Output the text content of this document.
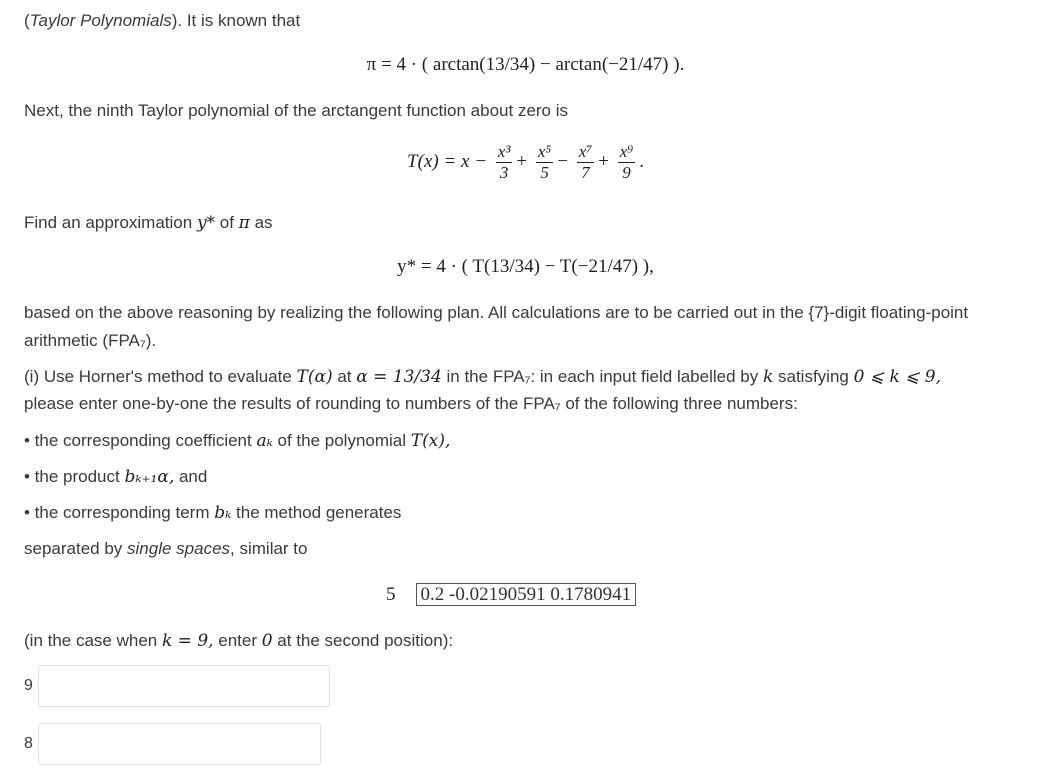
(Taylor Polynomials). It is known that
π = 4 · ( arctan(13/34) − arctan(−21/47) ).
Next, the ninth Taylor polynomial of the arctangent function about zero is
$T(x) = x - \frac{\text{x³}}{3} + \frac{\text{x⁵}}{5} - \frac{\text{x⁷}}{7} + \frac{\text{x⁹}}{9}$ .
Find an approximation y* of π as
y* = 4 · ( T(13/34) − T(−21/47) ),
based on the above reasoning by realizing the following plan. All calculations are to be carried out in the {7}-digit floating-point
arithmetic (FPA₇).
(i) Use Horner's method to evaluate T(α) at α = 13/34 in the FPA₇: in each input field labelled by k satisfying 0 ⩽ k ⩽ 9,
please enter one-by-one the results of rounding to numbers of the FPA₇ of the following three numbers:
• the corresponding coefficient aₖ of the polynomial T(x),
• the product bₖ₊₁α, and
• the corresponding term bₖ the method generates
separated by single spaces, similar to
5 0.2 -0.02190591 0.1780941
(in the case when k = 9, enter 0 at the second position):
9
8
